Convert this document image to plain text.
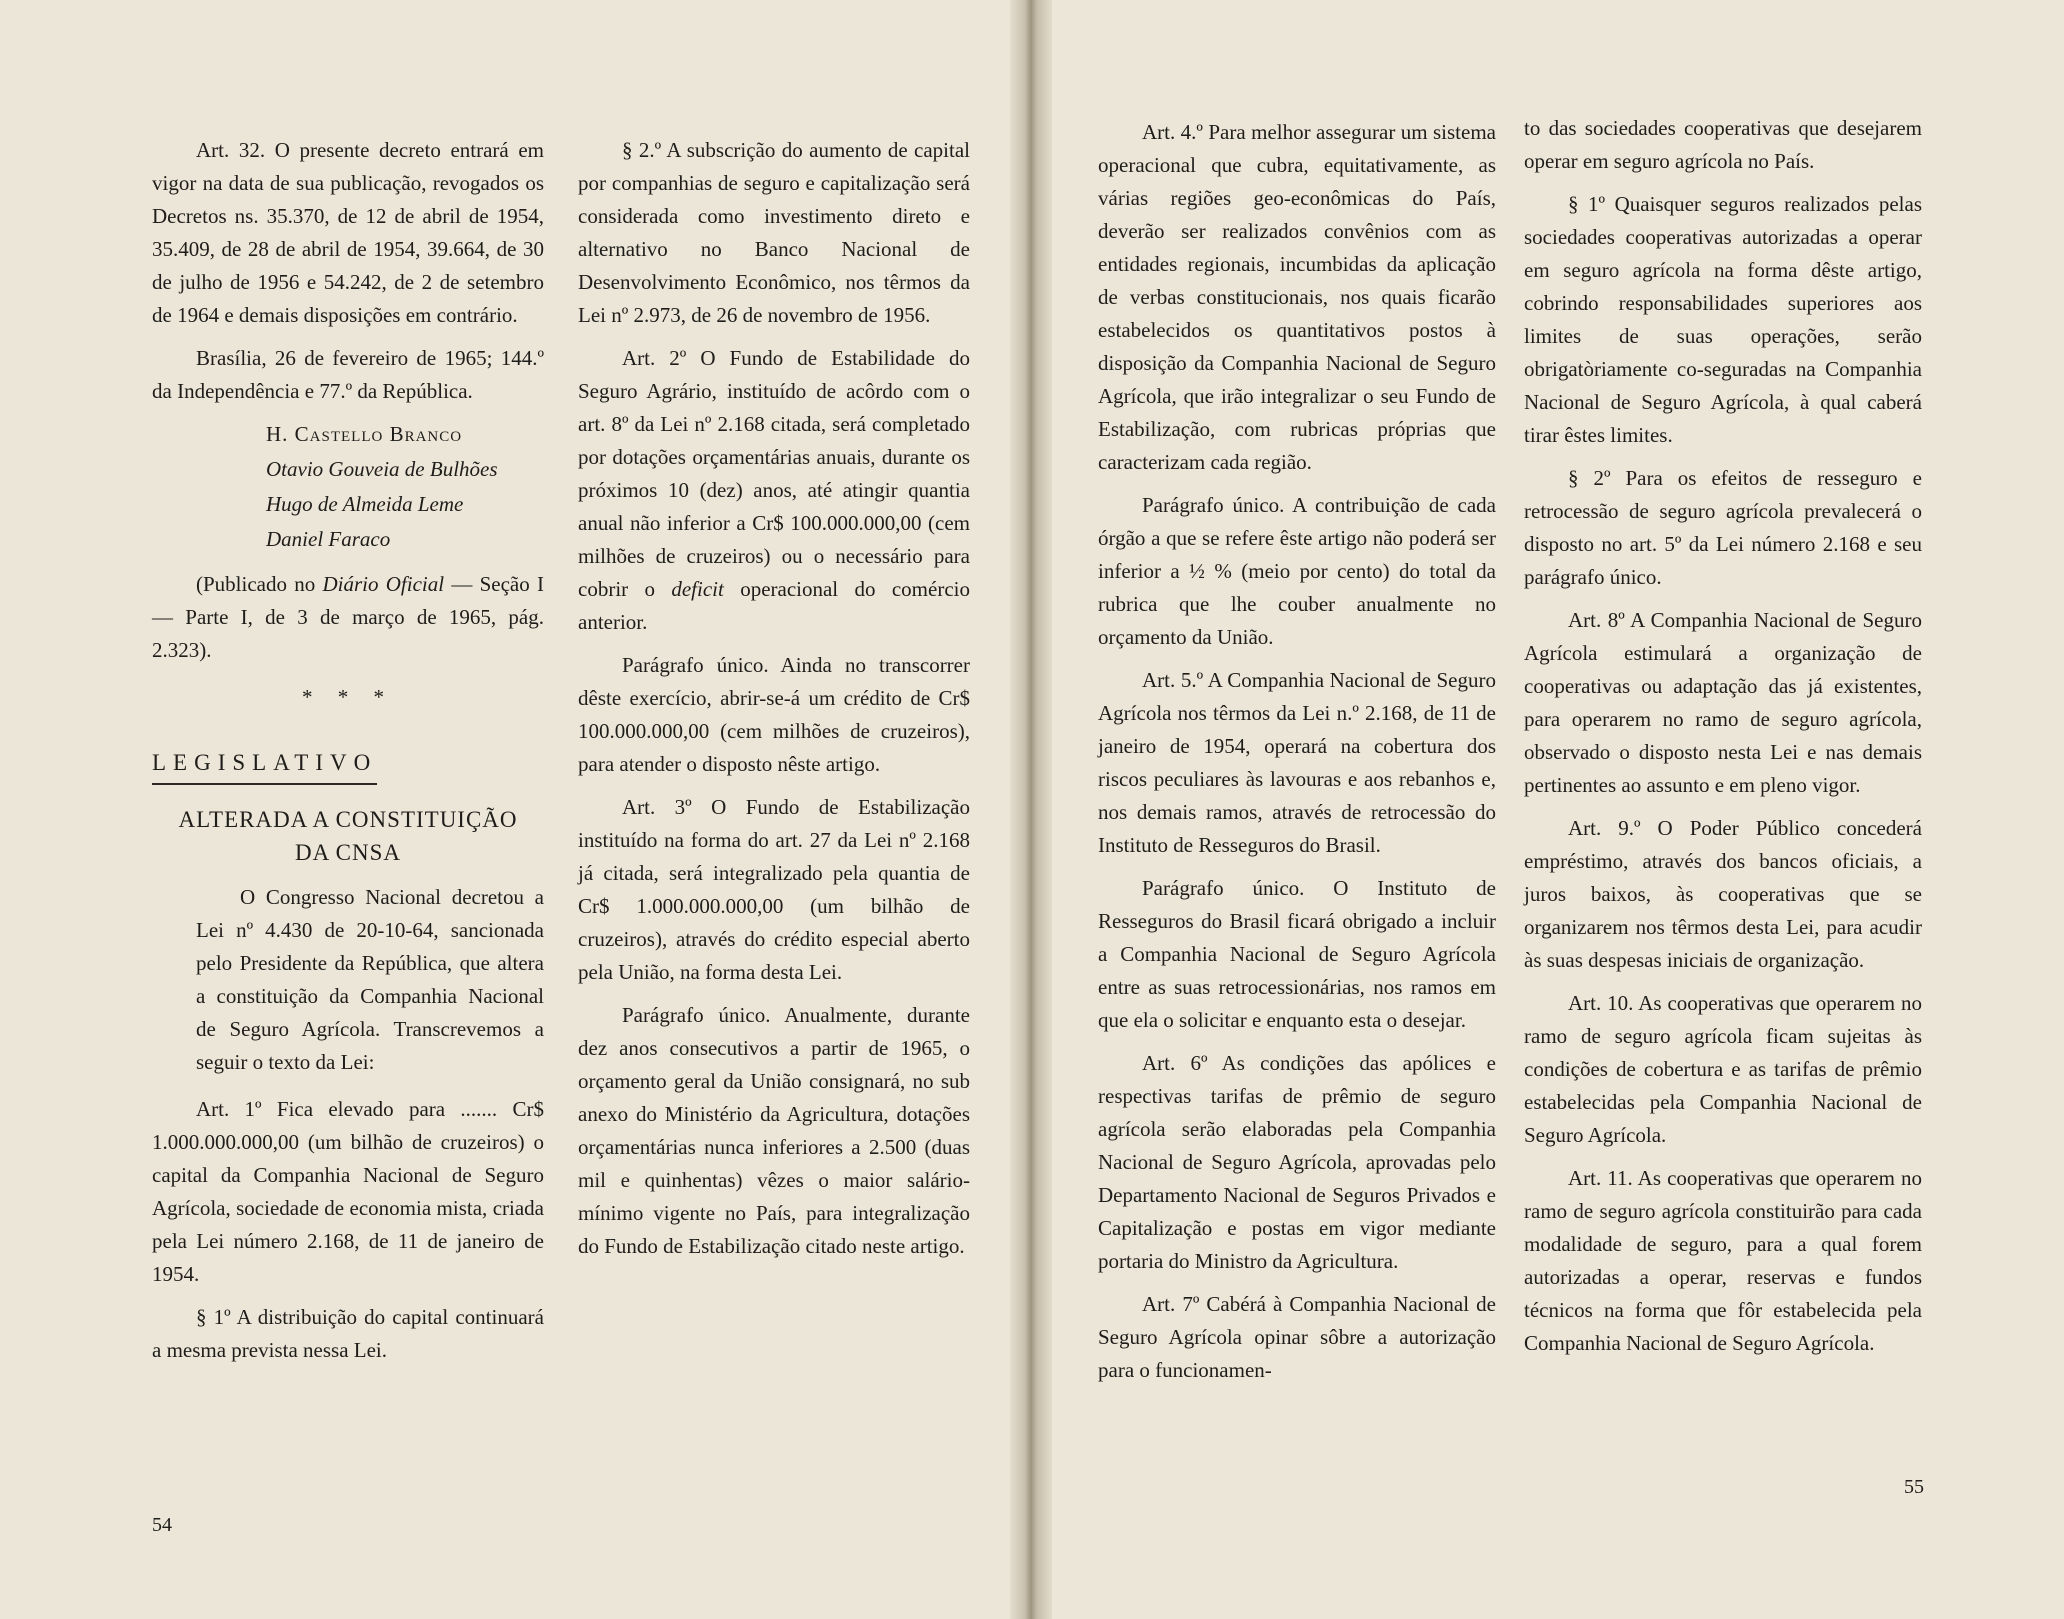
Art. 32. O presente decreto entrará em vigor na data de sua publicação, revogados os Decretos ns. 35.370, de 12 de abril de 1954, 35.409, de 28 de abril de 1954, 39.664, de 30 de julho de 1956 e 54.242, de 2 de setembro de 1964 e demais disposições em contrário.

Brasília, 26 de fevereiro de 1965; 144.º da Independência e 77.º da República.

H. Castello Branco

Otavio Gouveia de Bulhões

Hugo de Almeida Leme

Daniel Faraco

(Publicado no Diário Oficial — Seção I — Parte I, de 3 de março de 1965, pág. 2.323).

* * *
LEGISLATIVO
ALTERADA A CONSTITUIÇÃO
DA CNSA

O Congresso Nacional decretou a Lei nº 4.430 de 20-10-64, sancionada pelo Presidente da República, que altera a constituição da Companhia Nacional de Seguro Agrícola. Transcrevemos a seguir o texto da Lei:

Art. 1º Fica elevado para ....... Cr$ 1.000.000.000,00 (um bilhão de cruzeiros) o capital da Companhia Nacional de Seguro Agrícola, sociedade de economia mista, criada pela Lei número 2.168, de 11 de janeiro de 1954.

§ 1º A distribuição do capital continuará a mesma prevista nessa Lei.

§ 2.º A subscrição do aumento de capital por companhias de seguro e capitalização será considerada como investimento direto e alternativo no Banco Nacional de Desenvolvimento Econômico, nos têrmos da Lei nº 2.973, de 26 de novembro de 1956.

Art. 2º O Fundo de Estabilidade do Seguro Agrário, instituído de acôrdo com o art. 8º da Lei nº 2.168 citada, será completado por dotações orçamentárias anuais, durante os próximos 10 (dez) anos, até atingir quantia anual não inferior a Cr$ 100.000.000,00 (cem milhões de cruzeiros) ou o necessário para cobrir o deficit operacional do comércio anterior.

Parágrafo único. Ainda no transcorrer dêste exercício, abrir-se-á um crédito de Cr$ 100.000.000,00 (cem milhões de cruzeiros), para atender o disposto nêste artigo.

Art. 3º O Fundo de Estabilização instituído na forma do art. 27 da Lei nº 2.168 já citada, será integralizado pela quantia de Cr$ 1.000.000.000,00 (um bilhão de cruzeiros), através do crédito especial aberto pela União, na forma desta Lei.

Parágrafo único. Anualmente, durante dez anos consecutivos a partir de 1965, o orçamento geral da União consignará, no sub anexo do Ministério da Agricultura, dotações orçamentárias nunca inferiores a 2.500 (duas mil e quinhentas) vêzes o maior salário-mínimo vigente no País, para integralização do Fundo de Estabilização citado neste artigo.

54

Art. 4.º Para melhor assegurar um sistema operacional que cubra, equitativamente, as várias regiões geo-econômicas do País, deverão ser realizados convênios com as entidades regionais, incumbidas da aplicação de verbas constitucionais, nos quais ficarão estabelecidos os quantitativos postos à disposição da Companhia Nacional de Seguro Agrícola, que irão integralizar o seu Fundo de Estabilização, com rubricas próprias que caracterizam cada região.

Parágrafo único. A contribuição de cada órgão a que se refere êste artigo não poderá ser inferior a ½ % (meio por cento) do total da rubrica que lhe couber anualmente no orçamento da União.

Art. 5.º A Companhia Nacional de Seguro Agrícola nos têrmos da Lei n.º 2.168, de 11 de janeiro de 1954, operará na cobertura dos riscos peculiares às lavouras e aos rebanhos e, nos demais ramos, através de retrocessão do Instituto de Resseguros do Brasil.

Parágrafo único. O Instituto de Resseguros do Brasil ficará obrigado a incluir a Companhia Nacional de Seguro Agrícola entre as suas retrocessionárias, nos ramos em que ela o solicitar e enquanto esta o desejar.

Art. 6º As condições das apólices e respectivas tarifas de prêmio de seguro agrícola serão elaboradas pela Companhia Nacional de Seguro Agrícola, aprovadas pelo Departamento Nacional de Seguros Privados e Capitalização e postas em vigor mediante portaria do Ministro da Agricultura.

Art. 7º Cabérá à Companhia Nacional de Seguro Agrícola opinar sôbre a autorização para o funcionamen-

to das sociedades cooperativas que desejarem operar em seguro agrícola no País.

§ 1º Quaisquer seguros realizados pelas sociedades cooperativas autorizadas a operar em seguro agrícola na forma dêste artigo, cobrindo responsabilidades superiores aos limites de suas operações, serão obrigatòriamente co-seguradas na Companhia Nacional de Seguro Agrícola, à qual caberá tirar êstes limites.

§ 2º Para os efeitos de resseguro e retrocessão de seguro agrícola prevalecerá o disposto no art. 5º da Lei número 2.168 e seu parágrafo único.

Art. 8º A Companhia Nacional de Seguro Agrícola estimulará a organização de cooperativas ou adaptação das já existentes, para operarem no ramo de seguro agrícola, observado o disposto nesta Lei e nas demais pertinentes ao assunto e em pleno vigor.

Art. 9.º O Poder Público concederá empréstimo, através dos bancos oficiais, a juros baixos, às cooperativas que se organizarem nos têrmos desta Lei, para acudir às suas despesas iniciais de organização.

Art. 10. As cooperativas que operarem no ramo de seguro agrícola ficam sujeitas às condições de cobertura e as tarifas de prêmio estabelecidas pela Companhia Nacional de Seguro Agrícola.

Art. 11. As cooperativas que operarem no ramo de seguro agrícola constituirão para cada modalidade de seguro, para a qual forem autorizadas a operar, reservas e fundos técnicos na forma que fôr estabelecida pela Companhia Nacional de Seguro Agrícola.

55
